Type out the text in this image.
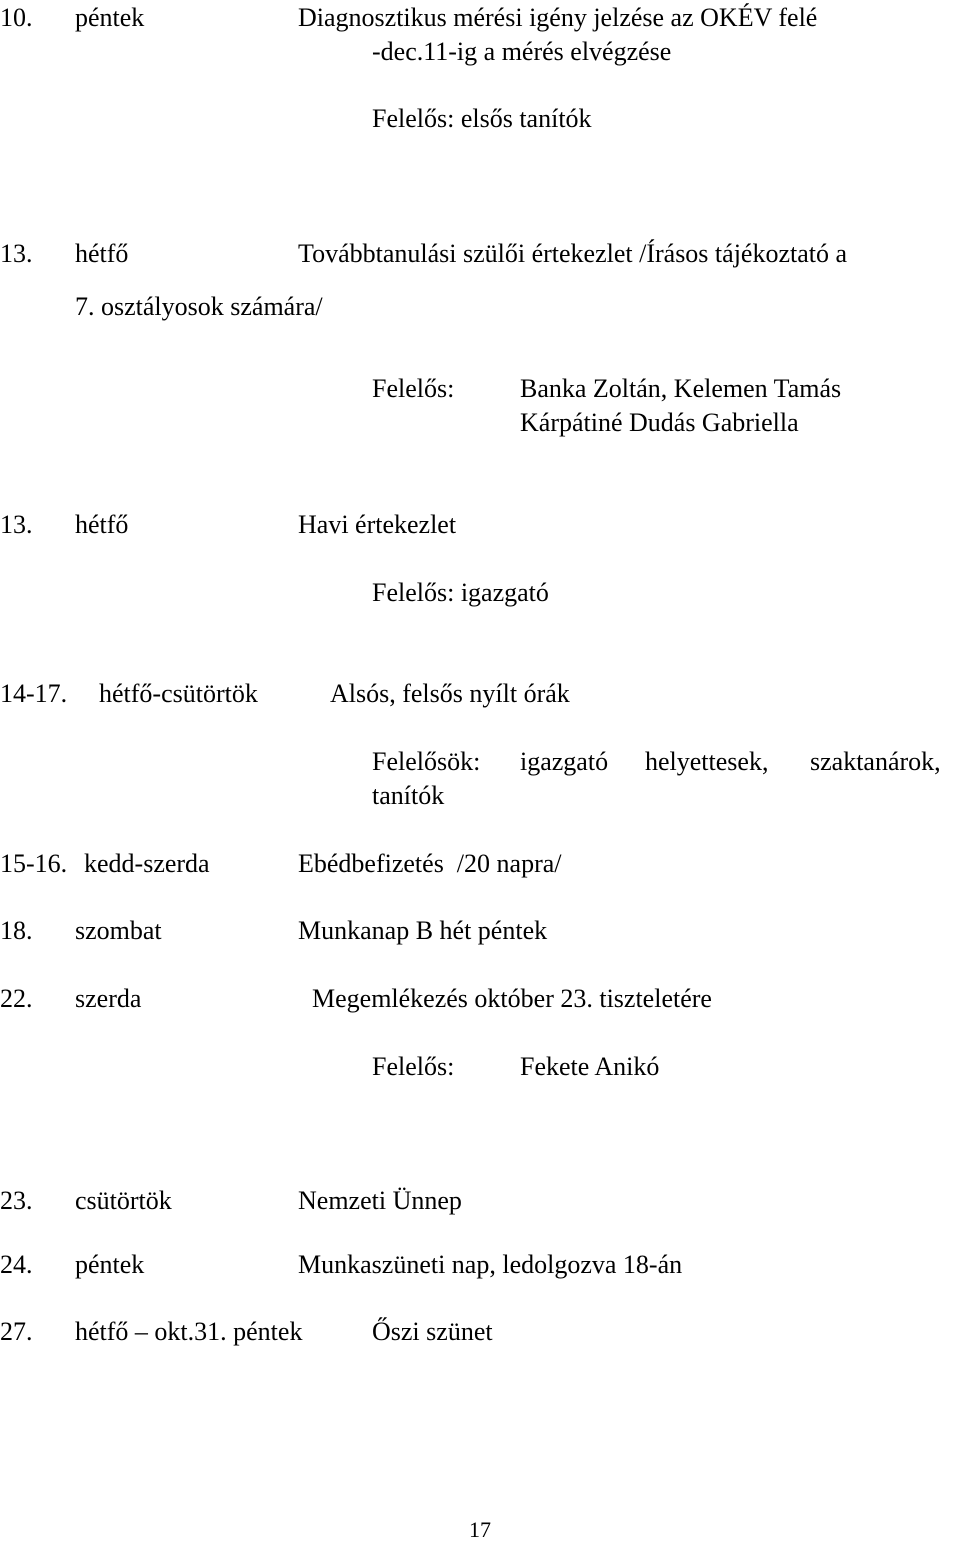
10. péntek	Diagnosztikus mérési igény jelzése az OKÉV felé
-dec.11-ig a mérés elvégzése
Felelős: elsős tanítók
13. hétfő	Továbbtanulási szülői értekezlet /Írásos tájékoztató a
7. osztályosok számára/
Felelős:	Banka Zoltán, Kelemen Tamás
Kárpátiné Dudás Gabriella
13. hétfő	Havi értekezlet
Felelős: igazgató
14-17. hétfő-csütörtök	Alsós, felsős nyílt órák
Felelősök: igazgató helyettesek, szaktanárok,
tanítók
15-16. kedd-szerda	Ebédbefizetés  /20 napra/
18. szombat	Munkanap B hét péntek
22. szerda	Megemlékezés október 23. tiszteletére
Felelős:	Fekete Anikó
23. csütörtök	Nemzeti Ünnep
24. péntek	Munkaszüneti nap, ledolgozva 18-án
27. hétfő – okt.31. péntek	Őszi szünet
17
